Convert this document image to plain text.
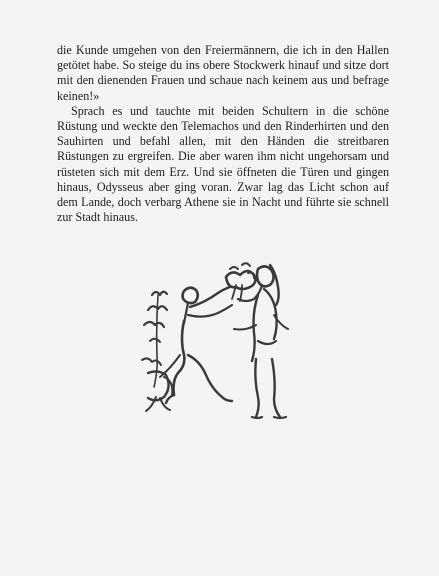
die Kunde umgehen von den Freiermännern, die ich in den Hallen getötet habe. So steige du ins obere Stockwerk hinauf und sitze dort mit den dienenden Frauen und schaue nach keinem aus und befrage keinen!»

Sprach es und tauchte mit beiden Schultern in die schöne Rüstung und weckte den Telemachos und den Rinderhirten und den Sauhirten und befahl allen, mit den Händen die streitbaren Rüstungen zu ergreifen. Die aber waren ihm nicht ungehorsam und rüsteten sich mit dem Erz. Und sie öffneten die Türen und gingen hinaus, Odysseus aber ging voran. Zwar lag das Licht schon auf dem Lande, doch verbarg Athene sie in Nacht und führte sie schnell zur Stadt hinaus.
